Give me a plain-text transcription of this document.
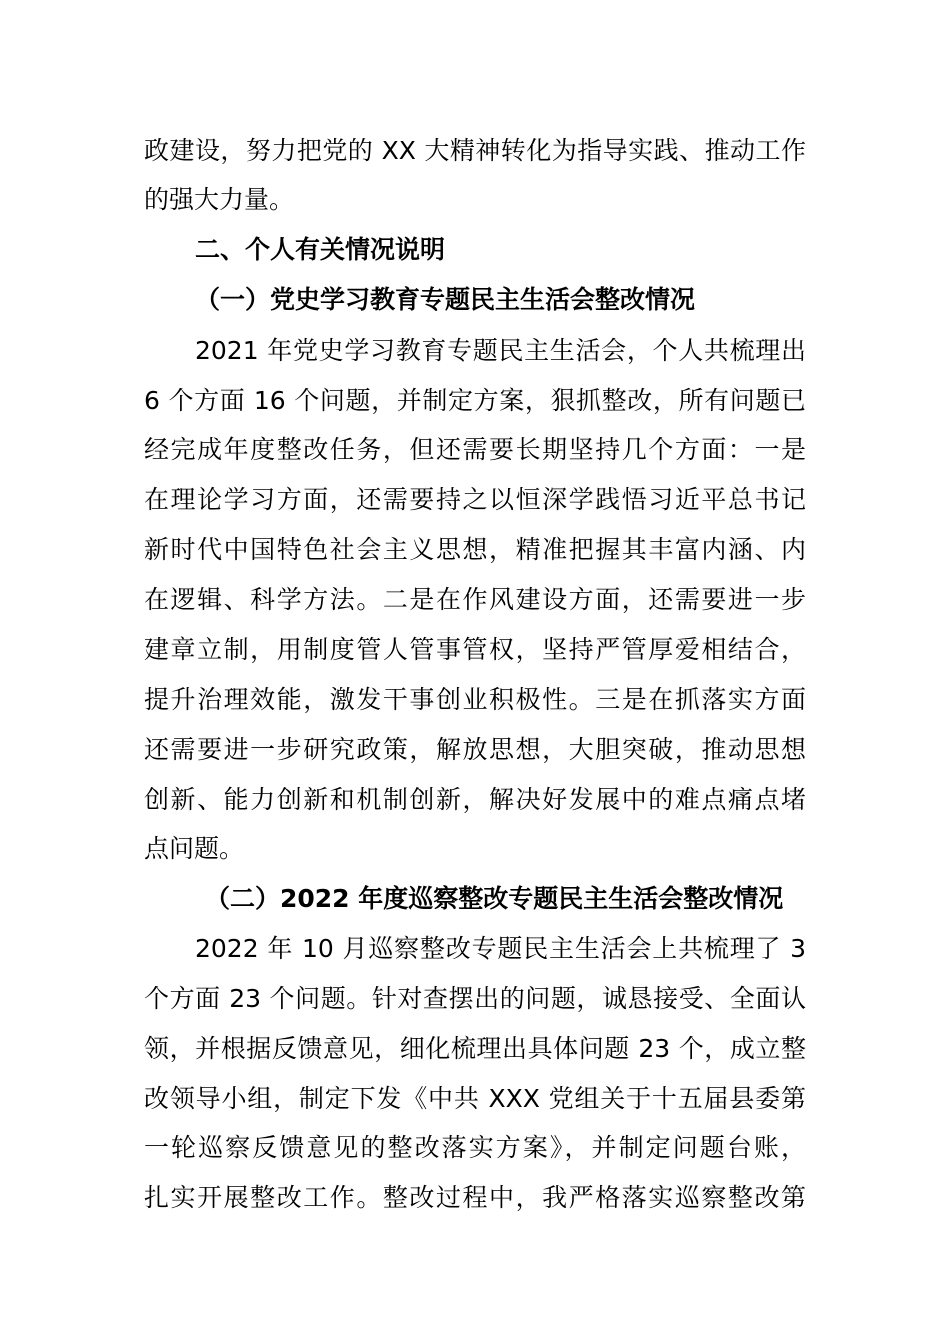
政建设，努力把党的 XX 大精神转化为指导实践、推动工作
的强大力量。
二、个人有关情况说明
（一）党史学习教育专题民主生活会整改情况
2021 年党史学习教育专题民主生活会，个人共梳理出
6 个方面 16 个问题，并制定方案，狠抓整改，所有问题已
经完成年度整改任务，但还需要长期坚持几个方面：一是
在理论学习方面，还需要持之以恒深学践悟习近平总书记
新时代中国特色社会主义思想，精准把握其丰富内涵、内
在逻辑、科学方法。二是在作风建设方面，还需要进一步
建章立制，用制度管人管事管权，坚持严管厚爱相结合，
提升治理效能，激发干事创业积极性。三是在抓落实方面
还需要进一步研究政策，解放思想，大胆突破，推动思想
创新、能力创新和机制创新，解决好发展中的难点痛点堵
点问题。
（二）2022 年度巡察整改专题民主生活会整改情况
2022 年 10 月巡察整改专题民主生活会上共梳理了 3
个方面 23 个问题。针对查摆出的问题，诚恳接受、全面认
领，并根据反馈意见，细化梳理出具体问题 23 个，成立整
改领导小组，制定下发《中共 XXX 党组关于十五届县委第
一轮巡察反馈意见的整改落实方案》，并制定问题台账，
扎实开展整改工作。整改过程中，我严格落实巡察整改第
